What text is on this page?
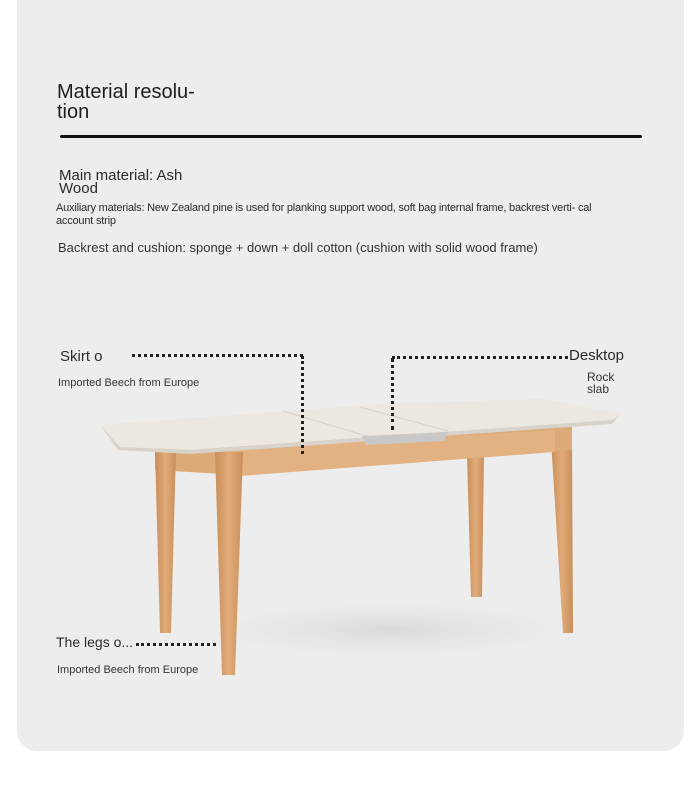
Material resolu- tion
Main material: Ash Wood
Auxiliary materials: New Zealand pine is used for planking support wood, soft bag internal frame, backrest verti- cal account strip
Backrest and cushion: sponge + down + doll cotton (cushion with solid wood frame)
Skirt o
Imported Beech from Europe
Desktop
Rock slab
The legs o...
Imported Beech from Europe
